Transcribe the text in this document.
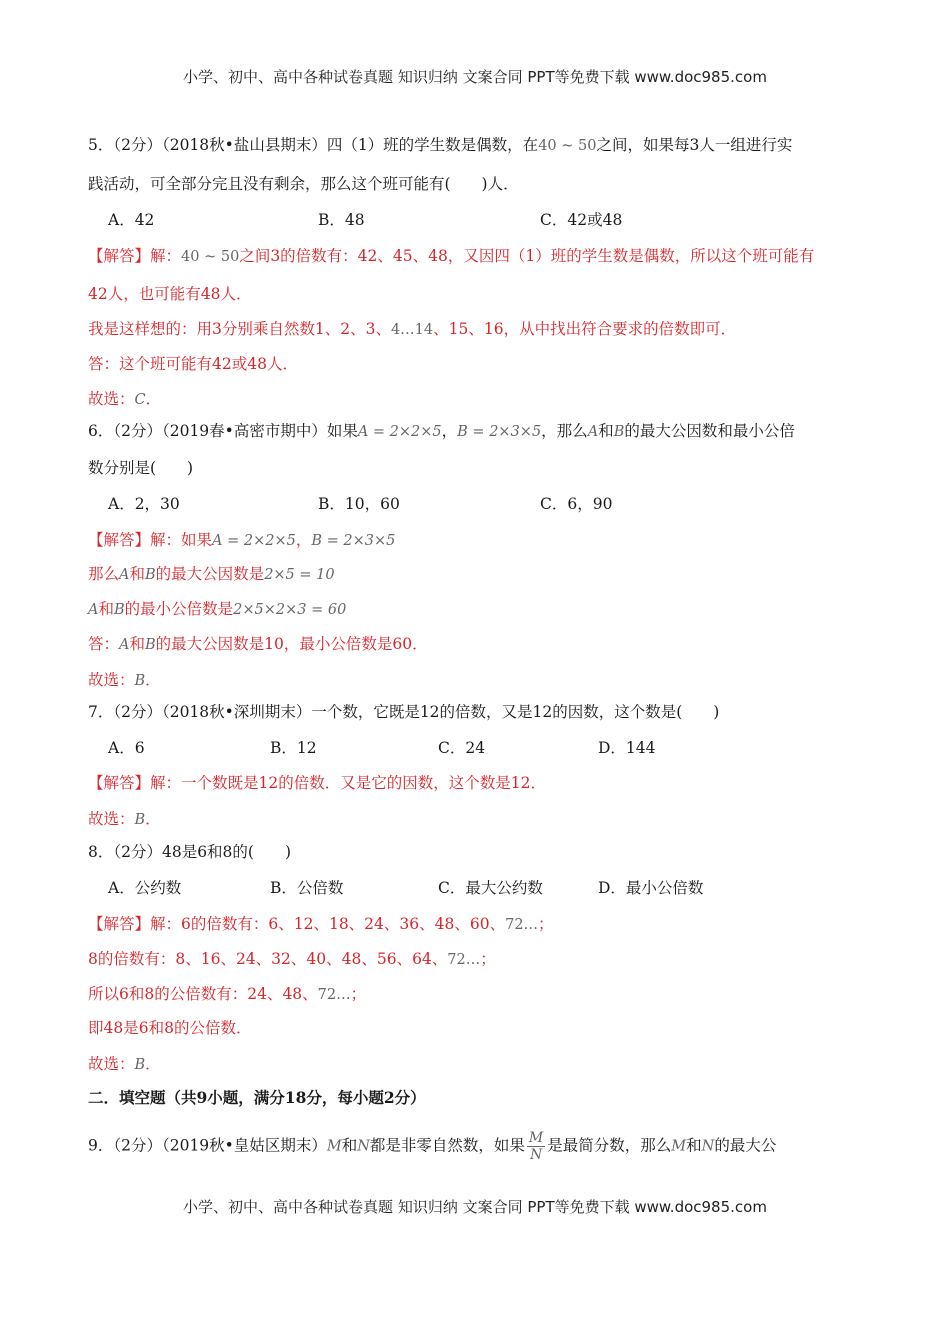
小学、初中、高中各种试卷真题 知识归纳 文案合同 PPT等免费下载 www.doc985.com
5．（2分）（2018秋•盐山县期末）四（1）班的学生数是偶数，在40 ~ 50之间，如果每3人一组进行实
践活动，可全部分完且没有剩余，那么这个班可能有(　　)人．
A．42	B．48	C．42或48
【解答】解：40 ~ 50之间3的倍数有：42、45、48，又因四（1）班的学生数是偶数，所以这个班可能有
42人，也可能有48人．
我是这样想的：用3分别乘自然数1、2、3、4…14、15、16，从中找出符合要求的倍数即可．
答：这个班可能有42或48人．
故选：C．
6．（2分）（2019春•高密市期中）如果A = 2×2×5，B = 2×3×5，那么A和B的最大公因数和最小公倍
数分别是(　　)
A．2，30	B．10，60	C．6，90
【解答】解：如果A = 2×2×5，B = 2×3×5
那么A和B的最大公因数是2×5 = 10
A和B的最小公倍数是2×5×2×3 = 60
答：A和B的最大公因数是10，最小公倍数是60．
故选：B．
7．（2分）（2018秋•深圳期末）一个数，它既是12的倍数，又是12的因数，这个数是(　　)
A．6	B．12	C．24	D．144
【解答】解：一个数既是12的倍数．又是它的因数，这个数是12．
故选：B．
8．（2分）48是6和8的(　　)
A．公约数	B．公倍数	C．最大公约数	D．最小公倍数
【解答】解：6的倍数有：6、12、18、24、36、48、60、72…；
8的倍数有：8、16、24、32、40、48、56、64、72…；
所以6和8的公倍数有：24、48、72…；
即48是6和8的公倍数．
故选：B．
二．填空题（共9小题，满分18分，每小题2分）
9．（2分）（2019秋•皇姑区期末）M和N都是非零自然数，如果 $\frac{M}{N}$ 是最简分数，那么M和N的最大公
小学、初中、高中各种试卷真题 知识归纳 文案合同 PPT等免费下载 www.doc985.com
